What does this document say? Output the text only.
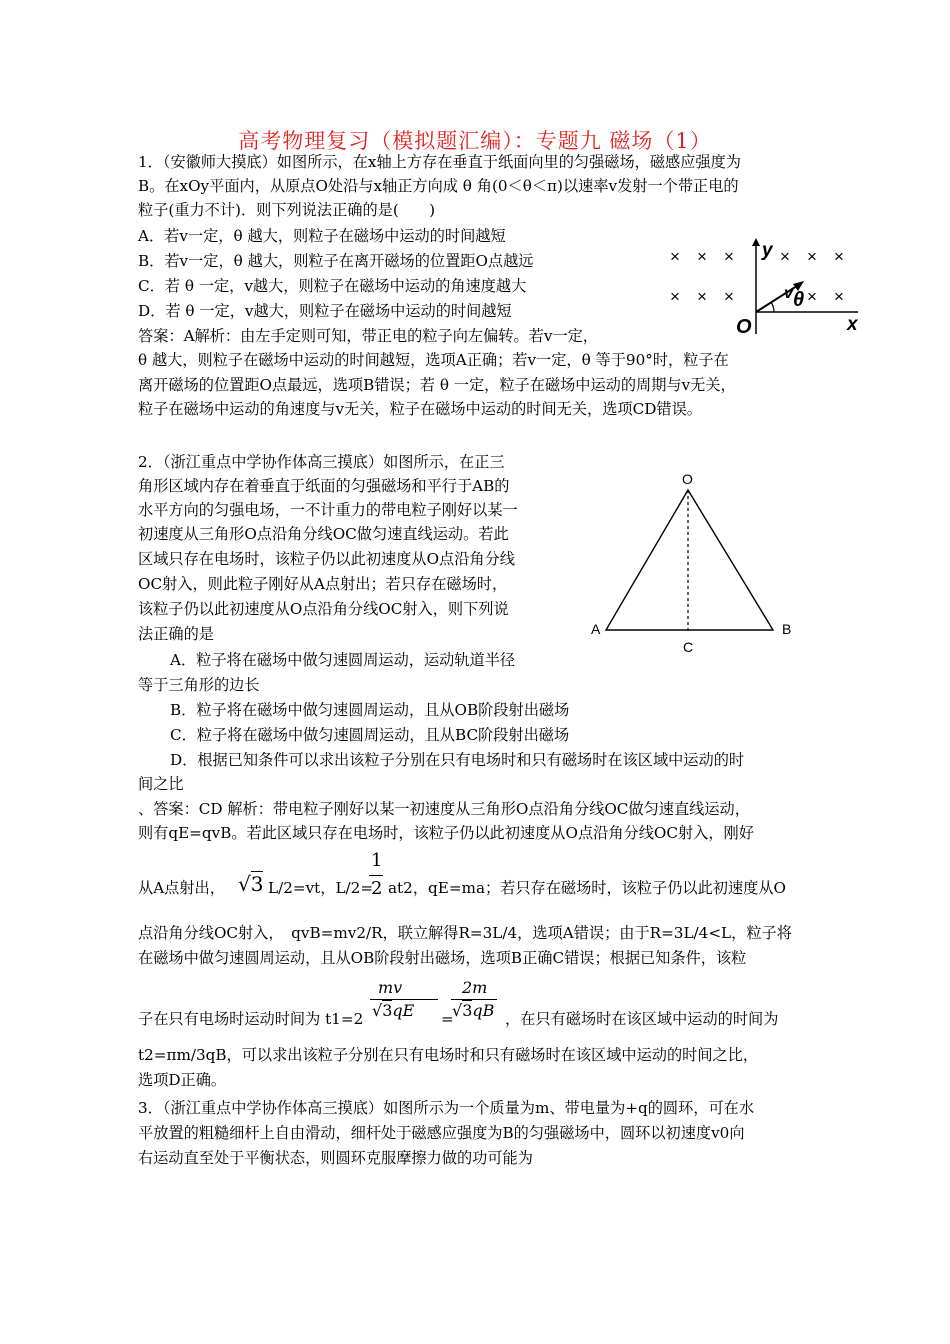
高考物理复习（模拟题汇编）：专题九 磁场（1）
1．（安徽师大摸底）如图所示，在x轴上方存在垂直于纸面向里的匀强磁场，磁感应强度为
B。在xOy平面内，从原点O处沿与x轴正方向成 θ 角(0＜θ＜π)以速率v发射一个带正电的
粒子(重力不计)．则下列说法正确的是(　　)
A．若v一定，θ 越大，则粒子在磁场中运动的时间越短
B．若v一定，θ 越大，则粒子在离开磁场的位置距O点越远
C．若 θ 一定，v越大，则粒子在磁场中运动的角速度越大
D．若 θ 一定，v越大，则粒子在磁场中运动的时间越短
答案：A解析：由左手定则可知，带正电的粒子向左偏转。若v一定，
θ 越大，则粒子在磁场中运动的时间越短，选项A正确；若v一定，θ 等于90°时，粒子在
离开磁场的位置距O点最远，选项B错误；若 θ 一定，粒子在磁场中运动的周期与v无关，
粒子在磁场中运动的角速度与v无关，粒子在磁场中运动的时间无关，选项CD错误。
× × ×	× × ×
× × ×	× ×
y
x
O
v θ
2．（浙江重点中学协作体高三摸底）如图所示，在正三
角形区域内存在着垂直于纸面的匀强磁场和平行于AB的
水平方向的匀强电场，一不计重力的带电粒子刚好以某一
初速度从三角形O点沿角分线OC做匀速直线运动。若此
区域只存在电场时，该粒子仍以此初速度从O点沿角分线
OC射入，则此粒子刚好从A点射出；若只存在磁场时，
该粒子仍以此初速度从O点沿角分线OC射入，则下列说
法正确的是
A．粒子将在磁场中做匀速圆周运动，运动轨道半径
等于三角形的边长
B．粒子将在磁场中做匀速圆周运动，且从OB阶段射出磁场
C．粒子将在磁场中做匀速圆周运动，且从BC阶段射出磁场
D．根据已知条件可以求出该粒子分别在只有电场时和只有磁场时在该区域中运动的时
间之比
、答案：CD 解析：带电粒子刚好以某一初速度从三角形O点沿角分线OC做匀速直线运动，
则有qE=qvB。若此区域只存在电场时，该粒子仍以此初速度从O点沿角分线OC射入，刚好
从A点射出， √3 L/2=vt，L/2=
1
2 at2，qE=ma；若只存在磁场时，该粒子仍以此初速度从O
点沿角分线OC射入，　qvB=mv2/R，联立解得R=3L/4，选项A错误；由于R=3L/4<L，粒子将
在磁场中做匀速圆周运动，且从OB阶段射出磁场，选项B正确C错误；根据已知条件，该粒
子在只有电场时运动时间为 t1=2
mv
√3qE =
2m
√3qB ，在只有磁场时在该区域中运动的时间为
t2=πm/3qB，可以求出该粒子分别在只有电场时和只有磁场时在该区域中运动的时间之比，
选项D正确。
O
A	B
C
3．（浙江重点中学协作体高三摸底）如图所示为一个质量为m、带电量为+q的圆环，可在水
平放置的粗糙细杆上自由滑动，细杆处于磁感应强度为B的匀强磁场中，圆环以初速度v0向
右运动直至处于平衡状态，则圆环克服摩擦力做的功可能为
